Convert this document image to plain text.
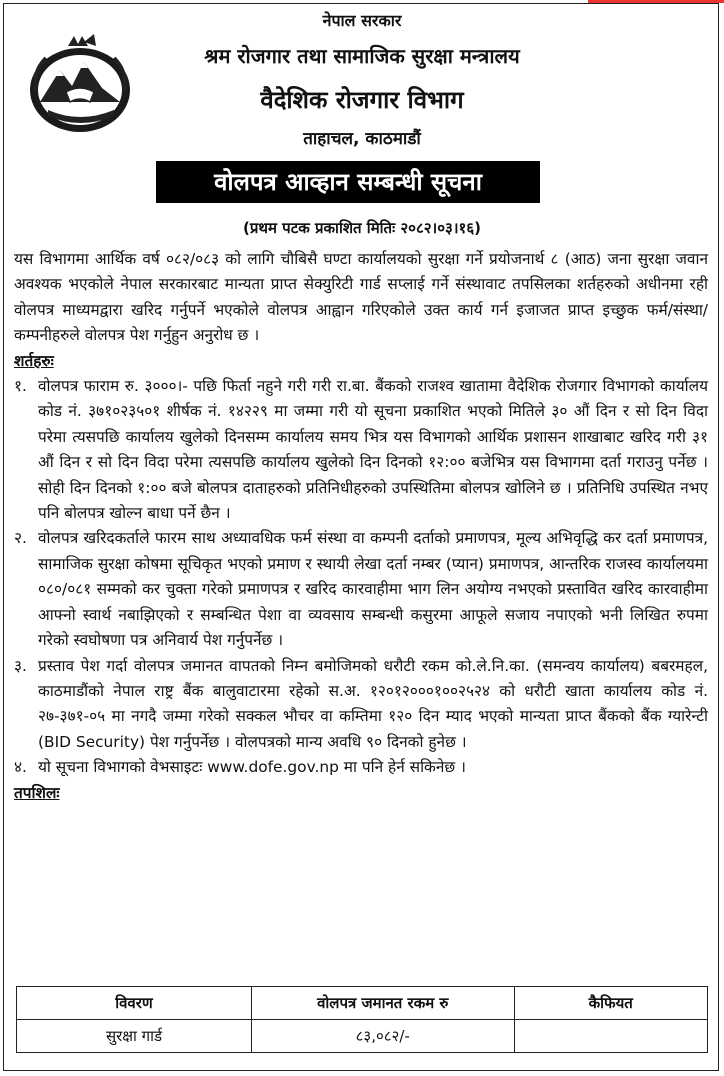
नेपाल सरकार
श्रम रोजगार तथा सामाजिक सुरक्षा मन्त्रालय
वैदेशिक रोजगार विभाग
ताहाचल, काठमाडौं
वोलपत्र आव्हान सम्बन्धी सूचना
(प्रथम पटक प्रकाशित मितिः २०८२।०३।१६)

यस विभागमा आर्थिक वर्ष ०८२/०८३ को लागि चौबिसै घण्टा कार्यालयको सुरक्षा गर्ने प्रयोजनार्थ ८ (आठ) जना सुरक्षा जवान अवश्यक भएकोले नेपाल सरकारबाट मान्यता प्राप्त सेक्युरिटी गार्ड सप्लाई गर्ने संस्थावाट तपसिलका शर्तहरुको अधीनमा रही वोलपत्र माध्यमद्वारा खरिद गर्नुपर्ने भएकोले वोलपत्र आह्वान गरिएकोले उक्त कार्य गर्न इजाजत प्राप्त इच्छुक फर्म/संस्था/कम्पनीहरुले वोलपत्र पेश गर्नुहुन अनुरोध छ ।

शर्तहरुः

१. वोलपत्र फाराम रु. ३०००।- पछि फिर्ता नहुने गरी गरी रा.बा. बैंकको राजश्व खातामा वैदेशिक रोजगार विभागको कार्यालय कोड नं. ३७१०२३५०१ शीर्षक नं. १४२२९ मा जम्मा गरी यो सूचना प्रकाशित भएको मितिले ३० औं दिन र सो दिन विदा परेमा त्यसपछि कार्यालय खुलेको दिनसम्म कार्यालय समय भित्र यस विभागको आर्थिक प्रशासन शाखाबाट खरिद गरी ३१ औं दिन र सो दिन विदा परेमा त्यसपछि कार्यालय खुलेको दिन दिनको १२:०० बजेभित्र यस विभागमा दर्ता गराउनु पर्नेछ । सोही दिन दिनको १:०० बजे बोलपत्र दाताहरुको प्रतिनिधीहरुको उपस्थितिमा बोलपत्र खोलिने छ । प्रतिनिधि उपस्थित नभए पनि बोलपत्र खोल्न बाधा पर्ने छैन ।
२. वोलपत्र खरिदकर्ताले फारम साथ अध्यावधिक फर्म संस्था वा कम्पनी दर्ताको प्रमाणपत्र, मूल्य अभिवृद्धि कर दर्ता प्रमाणपत्र, सामाजिक सुरक्षा कोषमा सूचिकृत भएको प्रमाण र स्थायी लेखा दर्ता नम्बर (प्यान) प्रमाणपत्र, आन्तरिक राजस्व कार्यालयमा ०८०/०८१ सम्मको कर चुक्ता गरेको प्रमाणपत्र र खरिद कारवाहीमा भाग लिन अयोग्य नभएको प्रस्तावित खरिद कारवाहीमा आफ्नो स्वार्थ नबाझिएको र सम्बन्धित पेशा वा व्यवसाय सम्बन्धी कसुरमा आफूले सजाय नपाएको भनी लिखित रुपमा गरेको स्वघोषणा पत्र अनिवार्य पेश गर्नुपर्नेछ ।
३. प्रस्ताव पेश गर्दा वोलपत्र जमानत वापतको निम्न बमोजिमको धरौटी रकम को.ले.नि.का. (समन्वय कार्यालय) बबरमहल, काठमाडौंको नेपाल राष्ट्र बैंक बालुवाटारमा रहेको स.अ. १२०१२०००१००२५२४ को धरौटी खाता कार्यालय कोड नं. २७-३७१-०५ मा नगदै जम्मा गरेको सक्कल भौचर वा कम्तिमा १२० दिन म्याद भएको मान्यता प्राप्त बैंकको बैंक ग्यारेन्टी (BID Security) पेश गर्नुपर्नेछ । वोलपत्रको मान्य अवधि ९० दिनको हुनेछ ।
४. यो सूचना विभागको वेभसाइटः www.dofe.gov.np मा पनि हेर्न सकिनेछ ।

तपशिलः

विवरण	वोलपत्र जमानत रकम रु	कैफियत
सुरक्षा गार्ड	८३,०८२/-	
